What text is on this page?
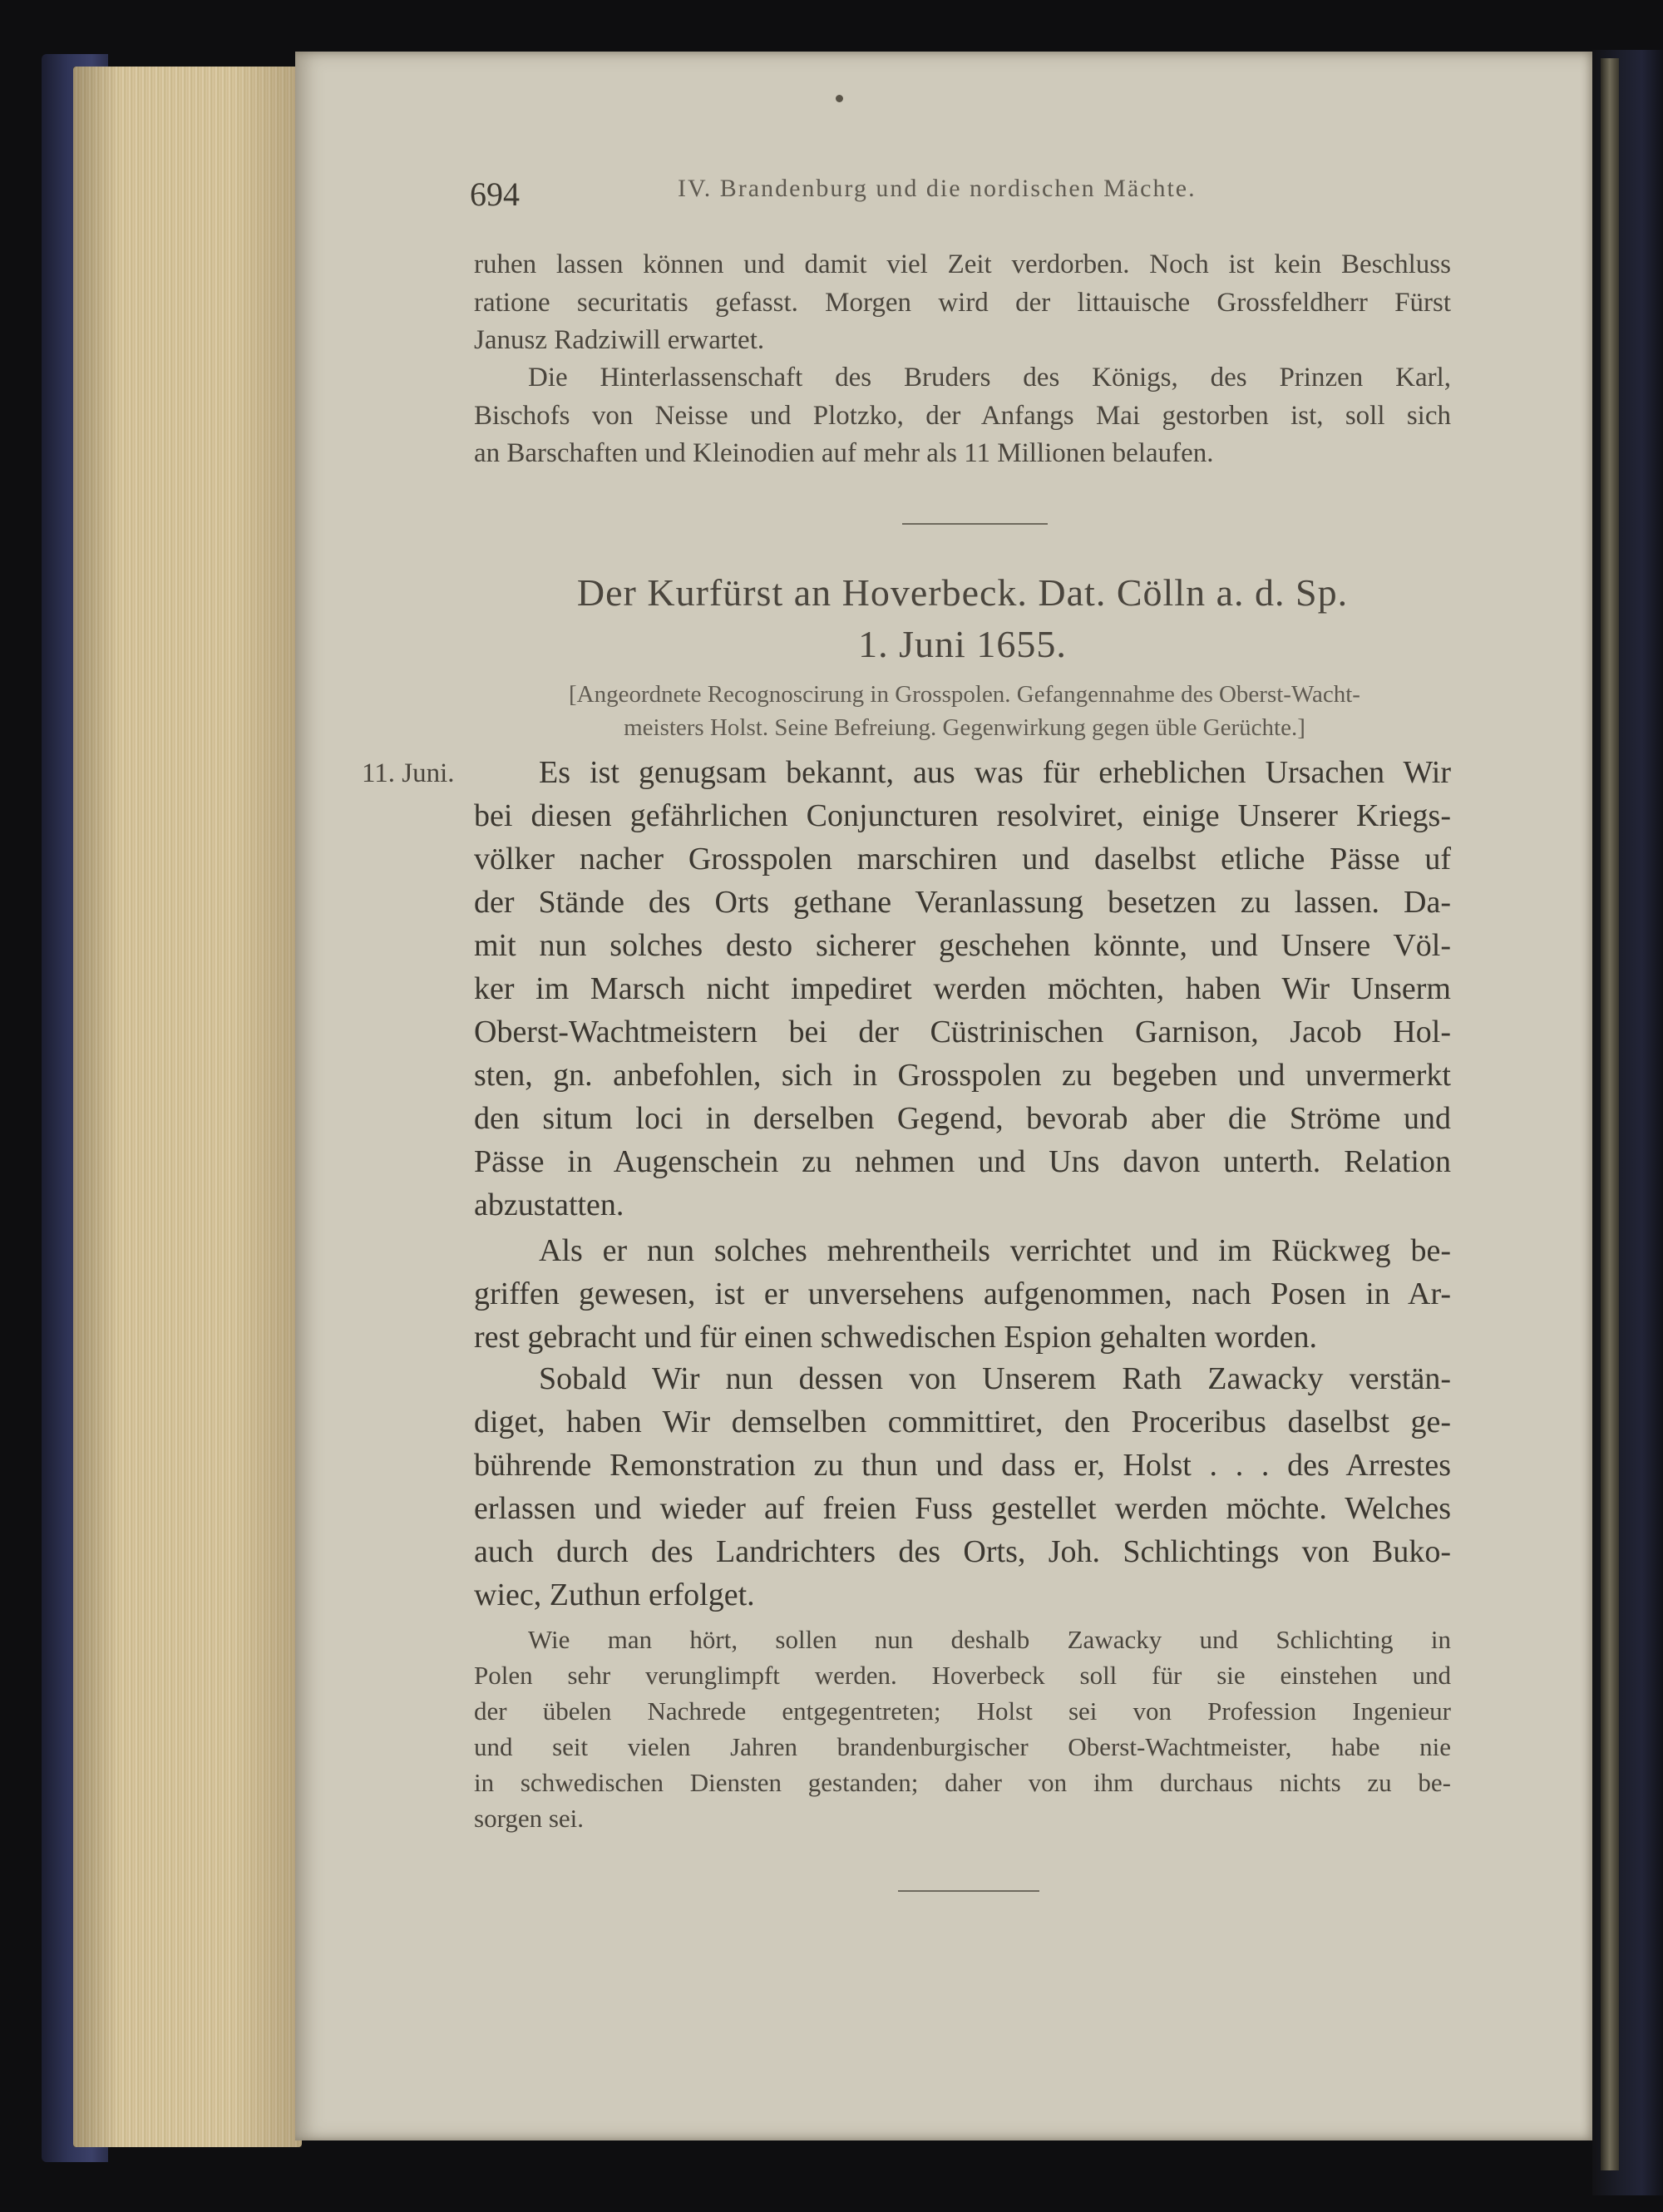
694	IV. Brandenburg und die nordischen Mächte.
ruhen lassen können und damit viel Zeit verdorben. Noch ist kein Beschluss
ratione securitatis gefasst. Morgen wird der littauische Grossfeldherr Fürst
Janusz Radziwill erwartet.
Die Hinterlassenschaft des Bruders des Königs, des Prinzen Karl,
Bischofs von Neisse und Plotzko, der Anfangs Mai gestorben ist, soll sich
an Barschaften und Kleinodien auf mehr als 11 Millionen belaufen.
Der Kurfürst an Hoverbeck. Dat. Cölln a. d. Sp.
1. Juni 1655.
[Angeordnete Recognoscirung in Grosspolen. Gefangennahme des Oberst-Wacht-
meisters Holst. Seine Befreiung. Gegenwirkung gegen üble Gerüchte.]
11. Juni.	Es ist genugsam bekannt, aus was für erheblichen Ursachen Wir
bei diesen gefährlichen Conjuncturen resolviret, einige Unserer Kriegs-
völker nacher Grosspolen marschiren und daselbst etliche Pässe uf
der Stände des Orts gethane Veranlassung besetzen zu lassen. Da-
mit nun solches desto sicherer geschehen könnte, und Unsere Völ-
ker im Marsch nicht impediret werden möchten, haben Wir Unserm
Oberst-Wachtmeistern bei der Cüstrinischen Garnison, Jacob Hol-
sten, gn. anbefohlen, sich in Grosspolen zu begeben und unvermerkt
den situm loci in derselben Gegend, bevorab aber die Ströme und
Pässe in Augenschein zu nehmen und Uns davon unterth. Relation
abzustatten.
Als er nun solches mehrentheils verrichtet und im Rückweg be-
griffen gewesen, ist er unversehens aufgenommen, nach Posen in Ar-
rest gebracht und für einen schwedischen Espion gehalten worden.
Sobald Wir nun dessen von Unserem Rath Zawacky verstän-
diget, haben Wir demselben committiret, den Proceribus daselbst ge-
bührende Remonstration zu thun und dass er, Holst . . . des Arrestes
erlassen und wieder auf freien Fuss gestellet werden möchte. Welches
auch durch des Landrichters des Orts, Joh. Schlichtings von Buko-
wiec, Zuthun erfolget.
Wie man hört, sollen nun deshalb Zawacky und Schlichting in
Polen sehr verunglimpft werden. Hoverbeck soll für sie einstehen und
der übelen Nachrede entgegentreten; Holst sei von Profession Ingenieur
und seit vielen Jahren brandenburgischer Oberst-Wachtmeister, habe nie
in schwedischen Diensten gestanden; daher von ihm durchaus nichts zu be-
sorgen sei.
